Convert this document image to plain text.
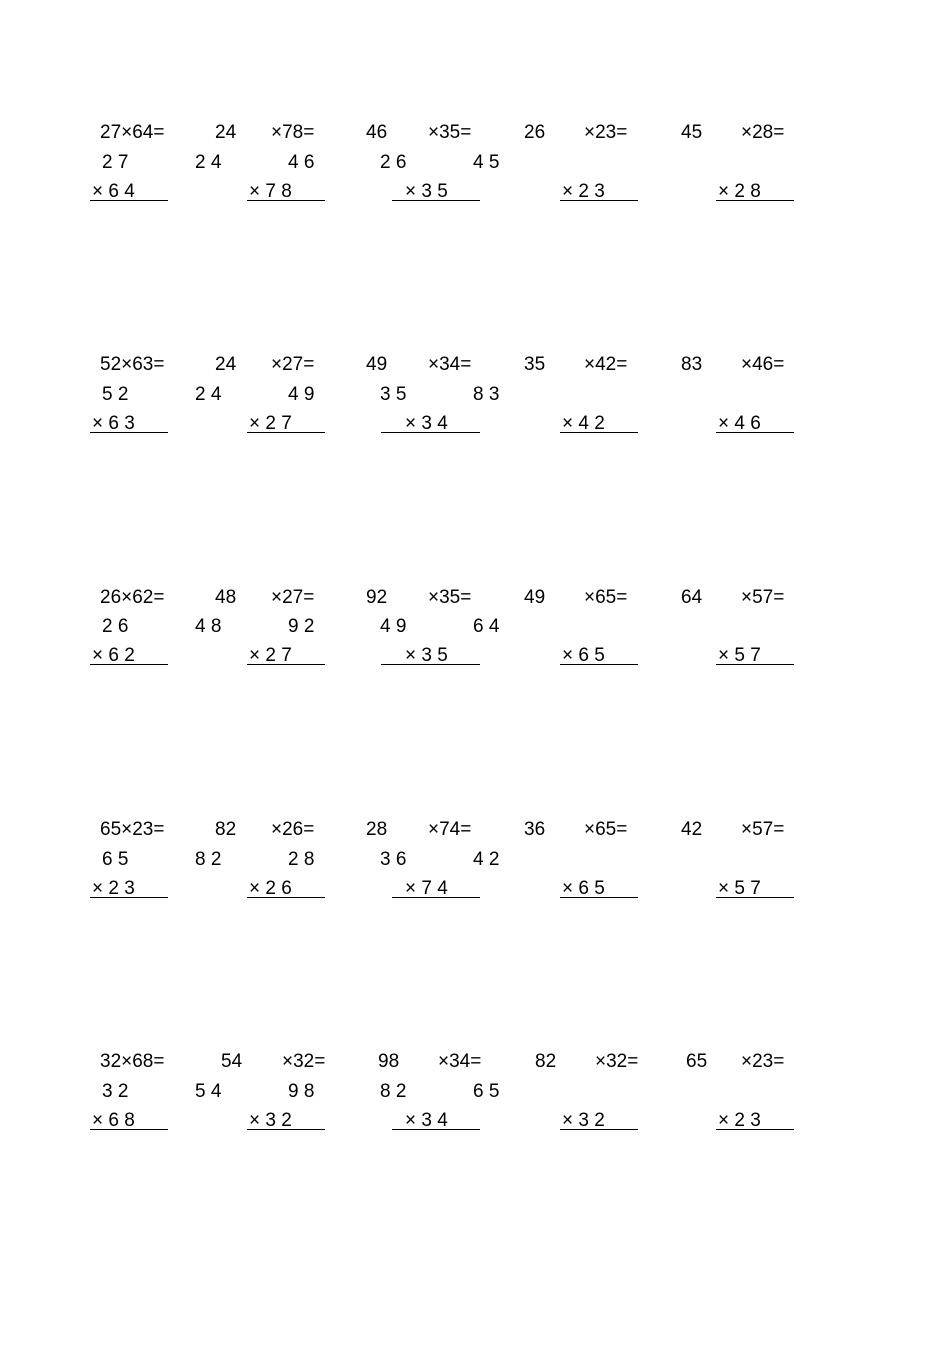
27×64=	24 ×78=	46 ×35=	26 ×23=	45 ×28=
2 7	2 4	4 6	2 6	4 5
× 6 4	× 7 8	× 3 5	× 2 3	× 2 8
52×63=	24 ×27=	49 ×34=	35 ×42=	83 ×46=
5 2	2 4	4 9	3 5	8 3
× 6 3	× 2 7	× 3 4	× 4 2	× 4 6
26×62=	48 ×27=	92 ×35=	49 ×65=	64 ×57=
2 6	4 8	9 2	4 9	6 4
× 6 2	× 2 7	× 3 5	× 6 5	× 5 7
65×23=	82 ×26=	28 ×74=	36 ×65=	42 ×57=
6 5	8 2	2 8	3 6	4 2
× 2 3	× 2 6	× 7 4	× 6 5	× 5 7
32×68=	54 ×32=	98 ×34=	82 ×32=	65 ×23=
3 2	5 4	9 8	8 2	6 5
× 6 8	× 3 2	× 3 4	× 3 2	× 2 3
